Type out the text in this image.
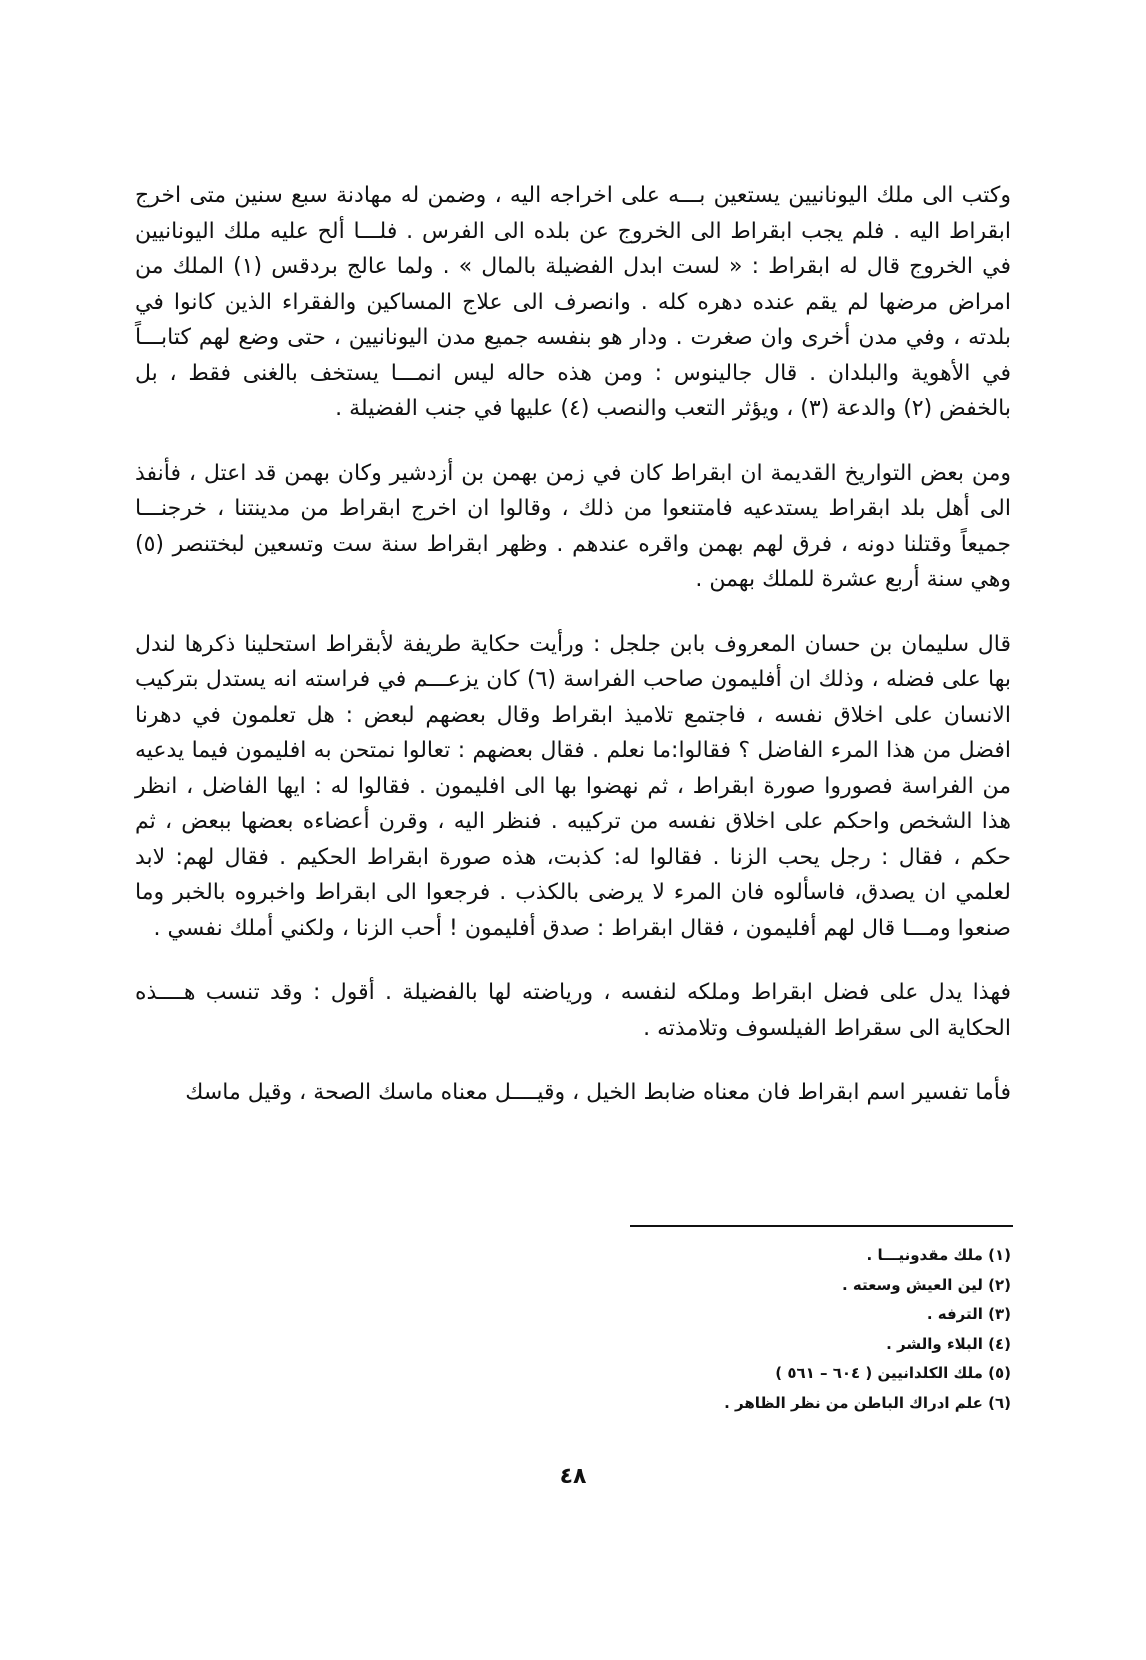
وكتب الى ملك اليونانيين يستعين بـــه على اخراجه اليه ، وضمن له مهادنة سبع سنين متى اخرج ابقراط اليه . فلم يجب ابقراط الى الخروج عن بلده الى الفرس . فلـــا ألح عليه ملك اليونانيين في الخروج قال له ابقراط : « لست ابدل الفضيلة بالمال » . ولما عالج بردقس (١) الملك من امراض مرضها لم يقم عنده دهره كله . وانصرف الى علاج المساكين والفقراء الذين كانوا في بلدته ، وفي مدن أخرى وان صغرت . ودار هو بنفسه جميع مدن اليونانيين ، حتى وضع لهم كتابـــاً في الأهوية والبلدان . قال جالينوس : ومن هذه حاله ليس انمـــا يستخف بالغنى فقط ، بل بالخفض (٢) والدعة (٣) ، ويؤثر التعب والنصب (٤) عليها في جنب الفضيلة .

ومن بعض التواريخ القديمة ان ابقراط كان في زمن بهمن بن أزدشير وكان بهمن قد اعتل ، فأنفذ الى أهل بلد ابقراط يستدعيه فامتنعوا من ذلك ، وقالوا ان اخرج ابقراط من مدينتنا ، خرجنـــا جميعاً وقتلنا دونه ، فرق لهم بهمن واقره عندهم . وظهر ابقراط سنة ست وتسعين لبختنصر (٥) وهي سنة أربع عشرة للملك بهمن .

قال سليمان بن حسان المعروف بابن جلجل : ورأيت حكاية طريفة لأبقراط استحلينا ذكرها لندل بها على فضله ، وذلك ان أفليمون صاحب الفراسة (٦) كان يزعـــم في فراسته انه يستدل بتركيب الانسان على اخلاق نفسه ، فاجتمع تلاميذ ابقراط وقال بعضهم لبعض : هل تعلمون في دهرنا افضل من هذا المرء الفاضل ؟ فقالوا:ما نعلم . فقال بعضهم : تعالوا نمتحن به افليمون فيما يدعيه من الفراسة فصوروا صورة ابقراط ، ثم نهضوا بها الى افليمون . فقالوا له : ايها الفاضل ، انظر هذا الشخص واحكم على اخلاق نفسه من تركيبه . فنظر اليه ، وقرن أعضاءه بعضها ببعض ، ثم حكم ، فقال : رجل يحب الزنا . فقالوا له: كذبت، هذه صورة ابقراط الحكيم . فقال لهم: لابد لعلمي ان يصدق، فاسألوه فان المرء لا يرضى بالكذب . فرجعوا الى ابقراط واخبروه بالخبر وما صنعوا ومـــا قال لهم أفليمون ، فقال ابقراط : صدق أفليمون ! أحب الزنا ، ولكني أملك نفسي .

فهذا يدل على فضل ابقراط وملكه لنفسه ، ورياضته لها بالفضيلة . أقول : وقد تنسب هــــذه الحكاية الى سقراط الفيلسوف وتلامذته .

فأما تفسير اسم ابقراط فان معناه ضابط الخيل ، وقيــــل معناه ماسك الصحة ، وقيل ماسك

(١) ملك مقدونيـــا .
(٢) لين العيش وسعته .
(٣) الترفه .
(٤) البلاء والشر .
(٥) ملك الكلدانيين ( ٦٠٤ – ٥٦١ )
(٦) علم ادراك الباطن من نظر الظاهر .
٤٨
